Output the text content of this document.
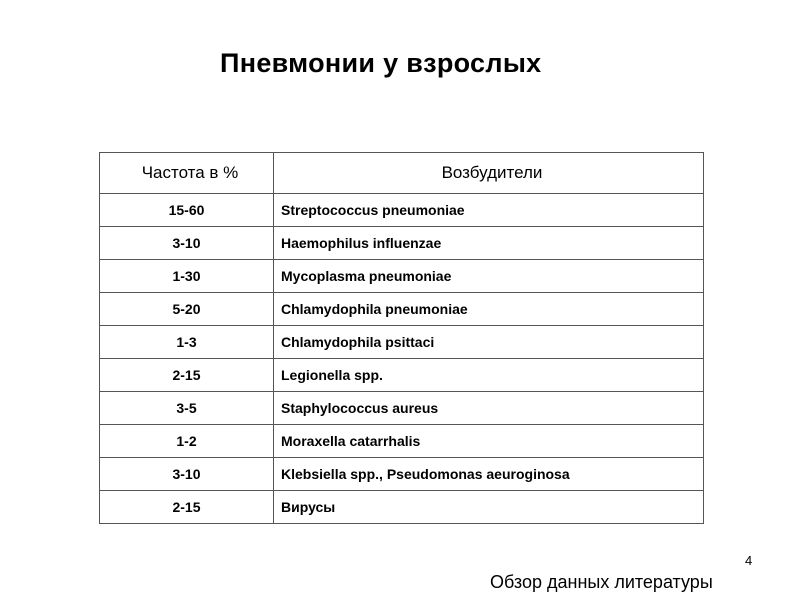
Пневмонии у взрослых
Частота в %	Возбудители
15-60	Streptococcus pneumoniae
3-10	Haemophilus influenzae
1-30	Mycoplasma pneumoniae
5-20	Chlamydophila pneumoniae
1-3	Chlamydophila psittaci
2-15	Legionella spp.
3-5	Staphylococcus aureus
1-2	Moraxella catarrhalis
3-10	Klebsiella spp., Pseudomonas aeuroginosa
2-15	Вирусы
4
Обзор данных литературы
